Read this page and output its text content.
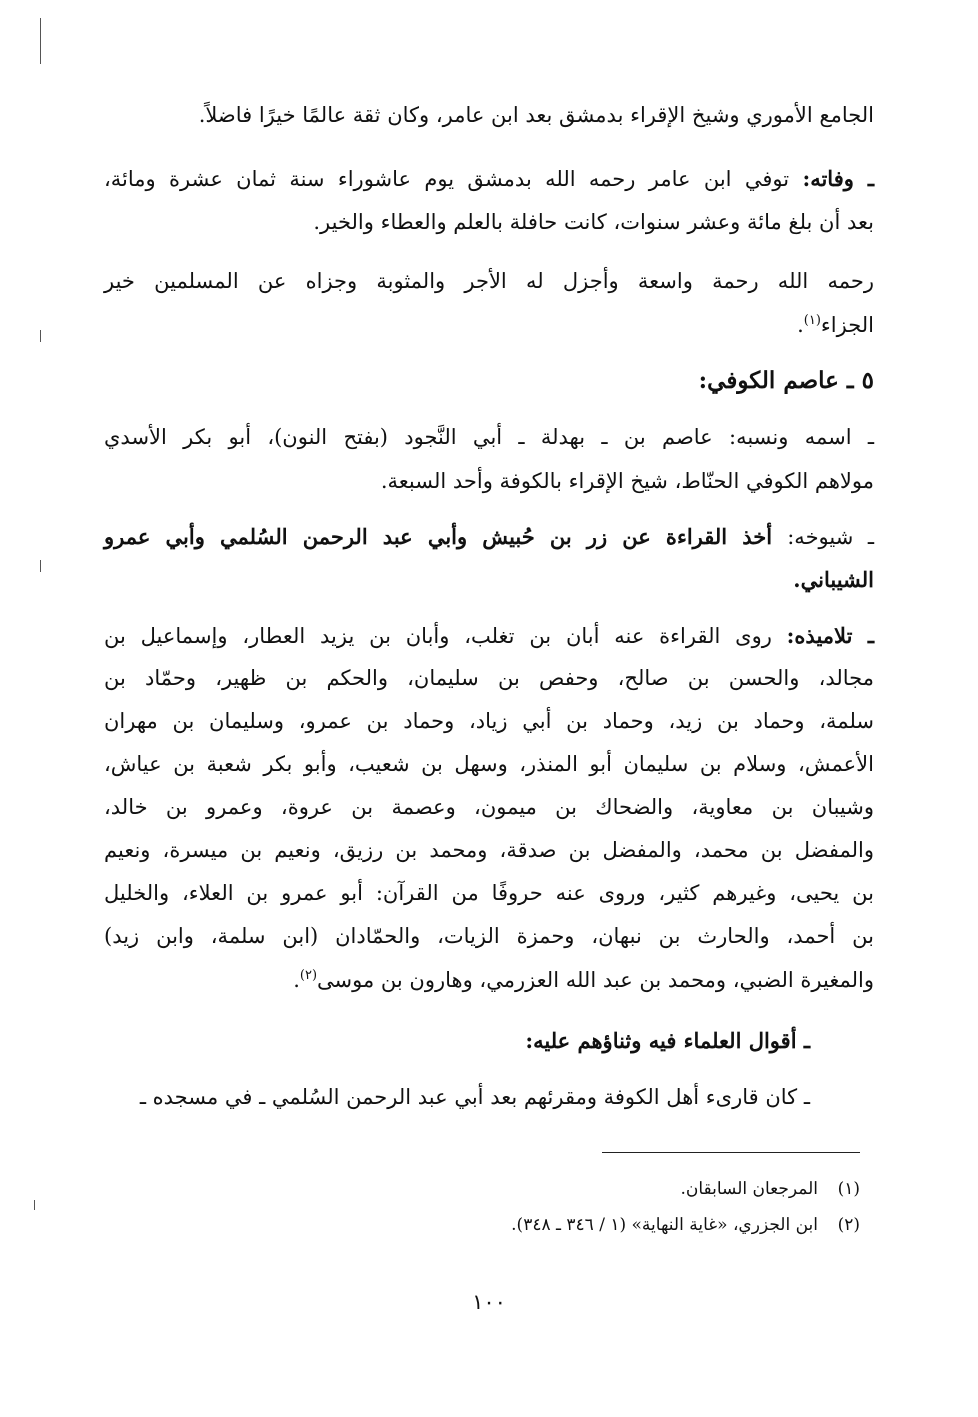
الجامع الأموري وشيخ الإقراء بدمشق بعد ابن عامر، وكان ثقة عالمًا خيرًا فاضلاً.
ـ وفاته: توفي ابن عامر رحمه الله بدمشق يوم عاشوراء سنة ثمان عشرة ومائة،
بعد أن بلغ مائة وعشر سنوات، كانت حافلة بالعلم والعطاء والخير.
رحمه الله رحمة واسعة وأجزل له الأجر والمثوبة وجزاه عن المسلمين خير
الجزاء$^{(١)}$.
٥ ـ عاصم الكوفي:
ـ اسمه ونسبه: عاصم بن ـ بهدلة ـ أبي النَّجود (بفتح النون)، أبو بكر الأسدي
مولاهم الكوفي الحنّاط، شيخ الإقراء بالكوفة وأحد السبعة.
ـ شيوخه: أخذ القراءة عن زر بن حُبيش وأبي عبد الرحمن السُلمي وأبي عمرو
الشيباني.
ـ تلاميذه: روى القراءة عنه أبان بن تغلب، وأبان بن يزيد العطار، وإسماعيل بن
مجالد، والحسن بن صالح، وحفص بن سليمان، والحكم بن ظهير، وحمّاد بن
سلمة، وحماد بن زيد، وحماد بن أبي زياد، وحماد بن عمرو، وسليمان بن مهران
الأعمش، وسلام بن سليمان أبو المنذر، وسهل بن شعيب، وأبو بكر شعبة بن عياش،
وشيبان بن معاوية، والضحاك بن ميمون، وعصمة بن عروة، وعمرو بن خالد،
والمفضل بن محمد، والمفضل بن صدقة، ومحمد بن رزيق، ونعيم بن ميسرة، ونعيم
بن يحيى، وغيرهم كثير، وروى عنه حروفًا من القرآن: أبو عمرو بن العلاء، والخليل
بن أحمد، والحارث بن نبهان، وحمزة الزيات، والحمّادان (ابن سلمة، وابن زيد)
والمغيرة الضبي، ومحمد بن عبد الله العزرمي، وهارون بن موسى$^{(٢)}$.
ـ أقوال العلماء فيه وثناؤهم عليه:
ـ كان قارىء أهل الكوفة ومقرئهم بعد أبي عبد الرحمن السُلمي ـ في مسجده ـ
(١)المرجعان السابقان.
(٢)ابن الجزري، «غاية النهاية» (١ / ٣٤٦ ـ ٣٤٨).
١٠٠
